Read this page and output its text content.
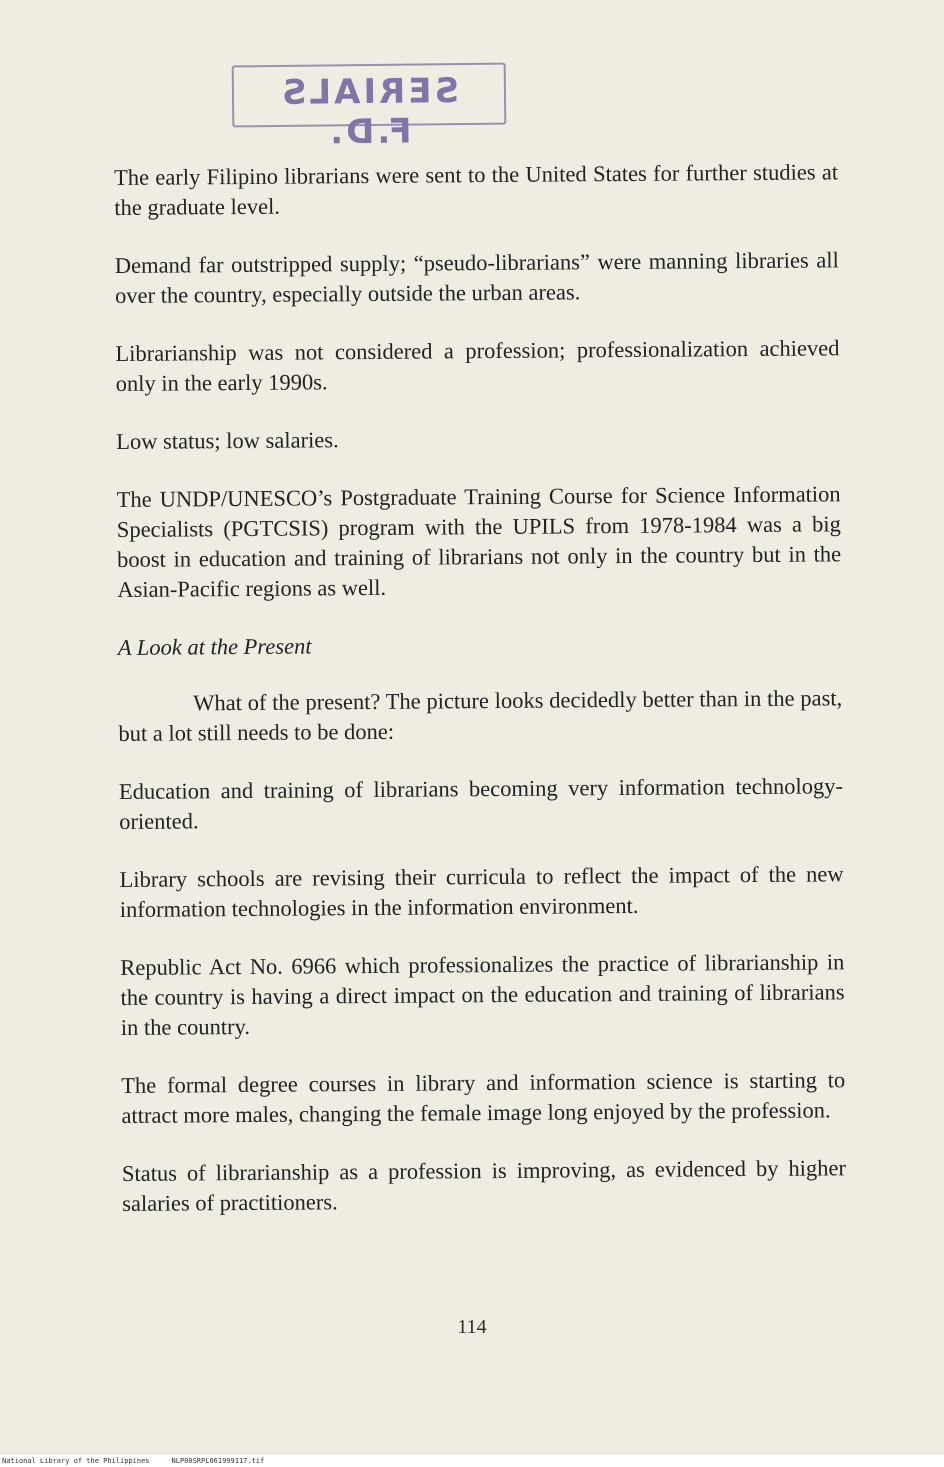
SERIALS F.D.

The early Filipino librarians were sent to the United States for further studies at the graduate level.

Demand far outstripped supply; “pseudo-librarians” were manning libraries all over the country, especially outside the urban areas.

Librarianship was not considered a profession; professionalization achieved only in the early 1990s.

Low status; low salaries.

The UNDP/UNESCO’s Postgraduate Training Course for Science Information Specialists (PGTCSIS) program with the UPILS from 1978-1984 was a big boost in education and training of librarians not only in the country but in the Asian-Pacific regions as well.

A Look at the Present

What of the present? The picture looks decidedly better than in the past, but a lot still needs to be done:

Education and training of librarians becoming very information technology-oriented.

Library schools are revising their curricula to reflect the impact of the new information technologies in the information environment.

Republic Act No. 6966 which professionalizes the practice of librarianship in the country is having a direct impact on the education and training of librarians in the country.

The formal degree courses in library and information science is starting to attract more males, changing the female image long enjoyed by the profession.

Status of librarianship as a profession is improving, as evidenced by higher salaries of practitioners.

114
National Library of the Philippines	NLP00SRPL061999117.tif
